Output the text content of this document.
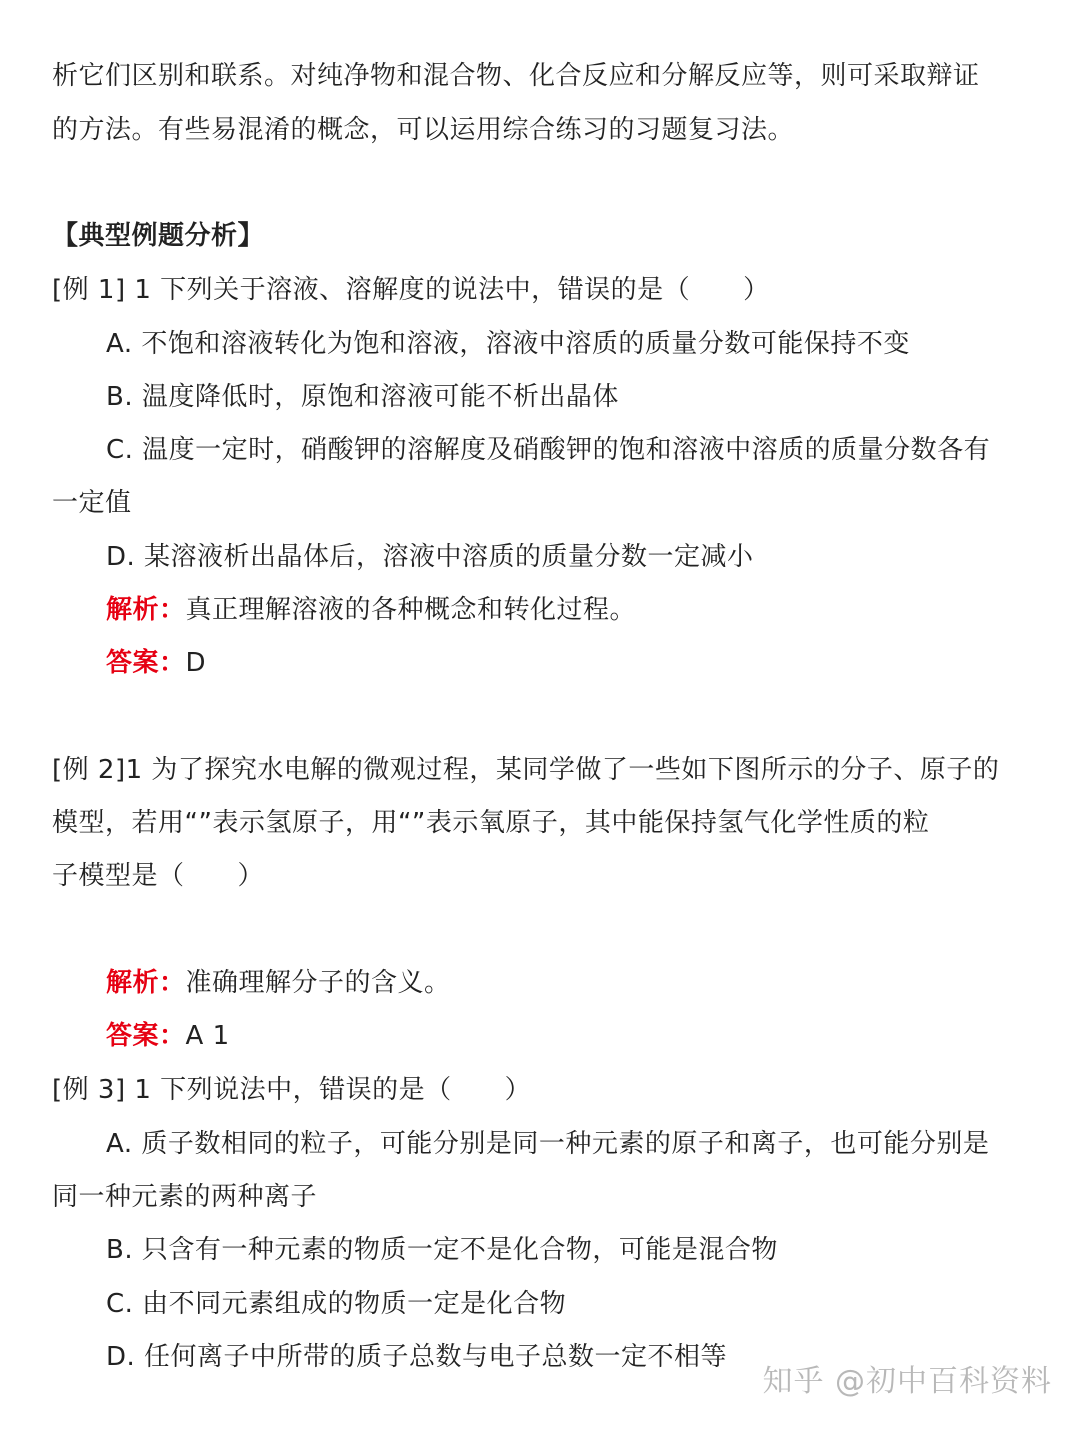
析它们区别和联系。对纯净物和混合物、化合反应和分解反应等，则可采取辩证
的方法。有些易混淆的概念，可以运用综合练习的习题复习法。
【典型例题分析】
[例 1] 1 下列关于溶液、溶解度的说法中，错误的是（　　）
A. 不饱和溶液转化为饱和溶液，溶液中溶质的质量分数可能保持不变
B. 温度降低时，原饱和溶液可能不析出晶体
C. 温度一定时，硝酸钾的溶解度及硝酸钾的饱和溶液中溶质的质量分数各有
一定值
D. 某溶液析出晶体后，溶液中溶质的质量分数一定减小
解析：真正理解溶液的各种概念和转化过程。
答案：D
[例 2]1 为了探究水电解的微观过程，某同学做了一些如下图所示的分子、原子的
模型，若用“”表示氢原子，用“”表示氧原子，其中能保持氢气化学性质的粒
子模型是（　　）
解析：准确理解分子的含义。
答案：A 1
[例 3] 1 下列说法中，错误的是（　　）
A. 质子数相同的粒子，可能分别是同一种元素的原子和离子，也可能分别是
同一种元素的两种离子
B. 只含有一种元素的物质一定不是化合物，可能是混合物
C. 由不同元素组成的物质一定是化合物
D. 任何离子中所带的质子总数与电子总数一定不相等
知乎 @初中百科资料
